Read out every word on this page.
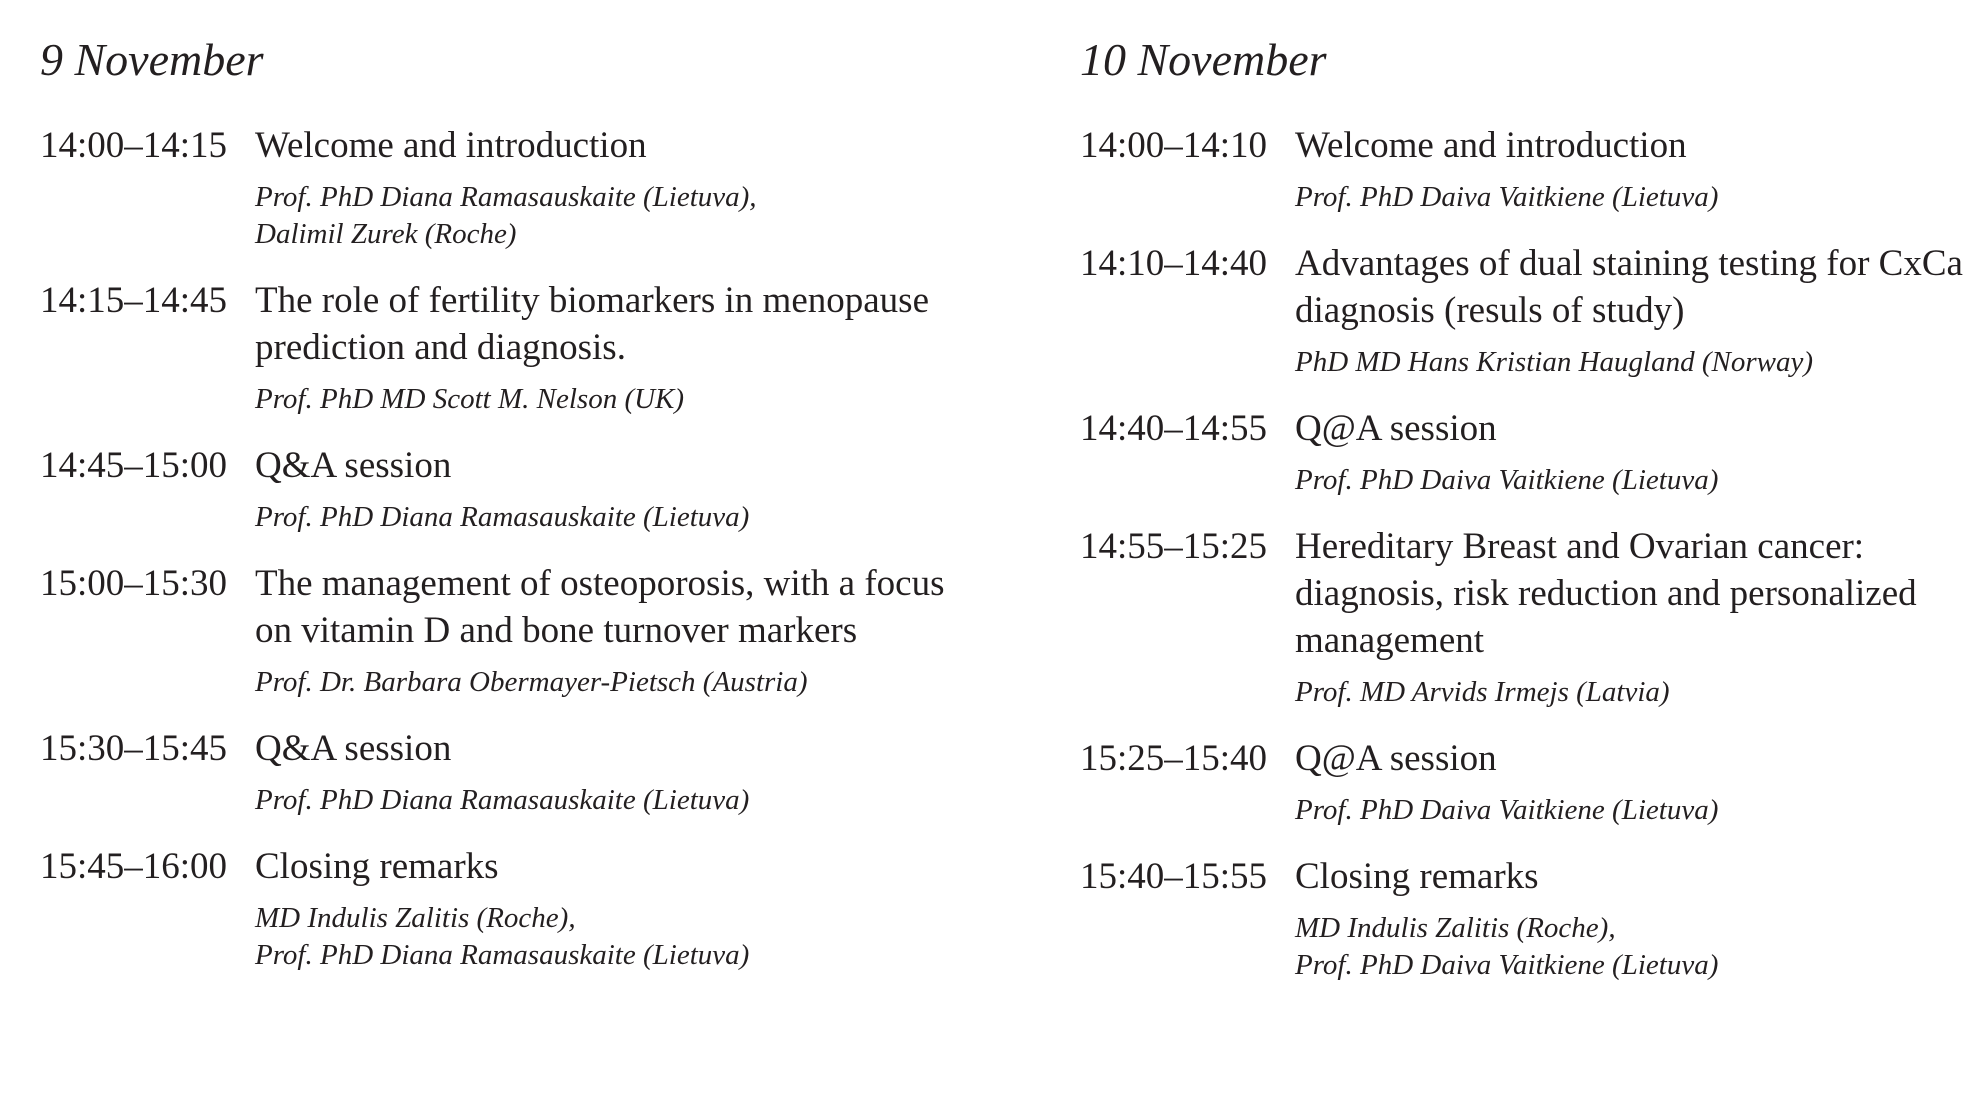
9 November
14:00–14:15 Welcome and introduction
Prof. PhD Diana Ramasauskaite (Lietuva),
Dalimil Zurek (Roche)
14:15–14:45 The role of fertility biomarkers in menopause prediction and diagnosis.
Prof. PhD MD Scott M. Nelson (UK)
14:45–15:00 Q&A session
Prof. PhD Diana Ramasauskaite (Lietuva)
15:00–15:30 The management of osteoporosis, with a focus on vitamin D and bone turnover markers
Prof. Dr. Barbara Obermayer-Pietsch (Austria)
15:30–15:45 Q&A session
Prof. PhD Diana Ramasauskaite (Lietuva)
15:45–16:00 Closing remarks
MD Indulis Zalitis (Roche),
Prof. PhD Diana Ramasauskaite (Lietuva)
10 November
14:00–14:10 Welcome and introduction
Prof. PhD Daiva Vaitkiene (Lietuva)
14:10–14:40 Advantages of dual staining testing for CxCa diagnosis (resuls of study)
PhD MD Hans Kristian Haugland (Norway)
14:40–14:55 Q@A session
Prof. PhD Daiva Vaitkiene (Lietuva)
14:55–15:25 Hereditary Breast and Ovarian cancer: diagnosis, risk reduction and personalized management
Prof. MD Arvids Irmejs (Latvia)
15:25–15:40 Q@A session
Prof. PhD Daiva Vaitkiene (Lietuva)
15:40–15:55 Closing remarks
MD Indulis Zalitis (Roche),
Prof. PhD Daiva Vaitkiene (Lietuva)
